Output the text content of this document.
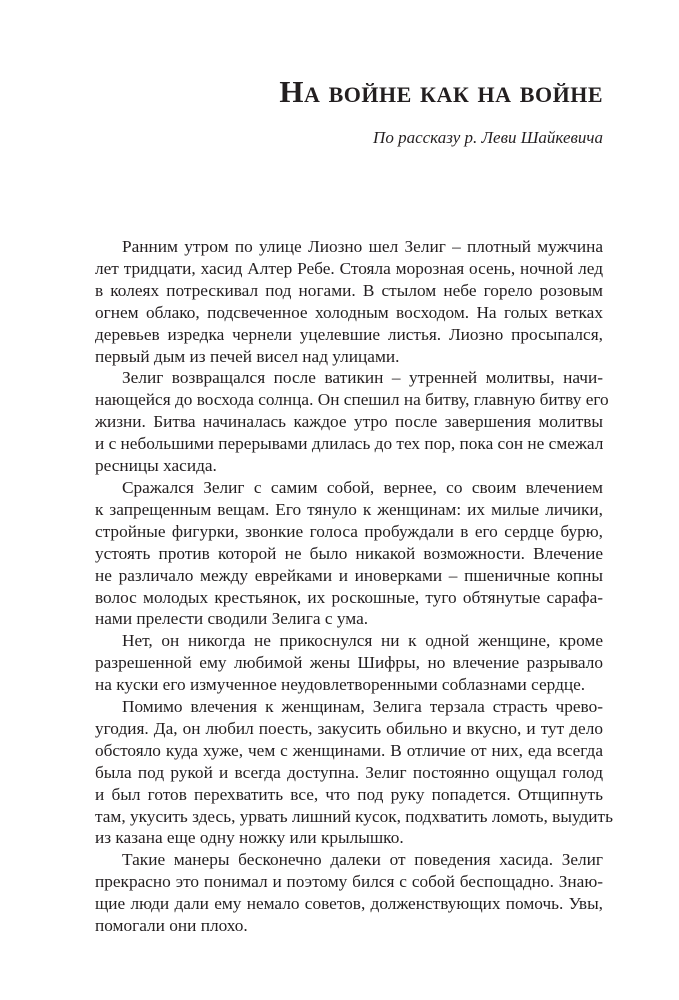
На войне как на войне
По рассказу р. Леви Шайкевича
Ранним утром по улице Лиозно шел Зелиг – плотный мужчина
лет тридцати, хасид Алтер Ребе. Стояла морозная осень, ночной лед
в колеях потрескивал под ногами. В стылом небе горело розовым
огнем облако, подсвеченное холодным восходом. На голых ветках
деревьев изредка чернели уцелевшие листья. Лиозно просыпался,
первый дым из печей висел над улицами.
Зелиг возвращался после ватикин – утренней молитвы, начи-
нающейся до восхода солнца. Он спешил на битву, главную битву его
жизни. Битва начиналась каждое утро после завершения молитвы
и с небольшими перерывами длилась до тех пор, пока сон не смежал
ресницы хасида.
Сражался Зелиг с самим собой, вернее, со своим влечением
к запрещенным вещам. Его тянуло к женщинам: их милые личики,
стройные фигурки, звонкие голоса пробуждали в его сердце бурю,
устоять против которой не было никакой возможности. Влечение
не различало между еврейками и иноверками – пшеничные копны
волос молодых крестьянок, их роскошные, туго обтянутые сарафа-
нами прелести сводили Зелига с ума.
Нет, он никогда не прикоснулся ни к одной женщине, кроме
разрешенной ему любимой жены Шифры, но влечение разрывало
на куски его измученное неудовлетворенными соблазнами сердце.
Помимо влечения к женщинам, Зелига терзала страсть чрево-
угодия. Да, он любил поесть, закусить обильно и вкусно, и тут дело
обстояло куда хуже, чем с женщинами. В отличие от них, еда всегда
была под рукой и всегда доступна. Зелиг постоянно ощущал голод
и был готов перехватить все, что под руку попадется. Отщипнуть
там, укусить здесь, урвать лишний кусок, подхватить ломоть, выудить
из казана еще одну ножку или крылышко.
Такие манеры бесконечно далеки от поведения хасида. Зелиг
прекрасно это понимал и поэтому бился с собой беспощадно. Знаю-
щие люди дали ему немало советов, долженствующих помочь. Увы,
помогали они плохо.
